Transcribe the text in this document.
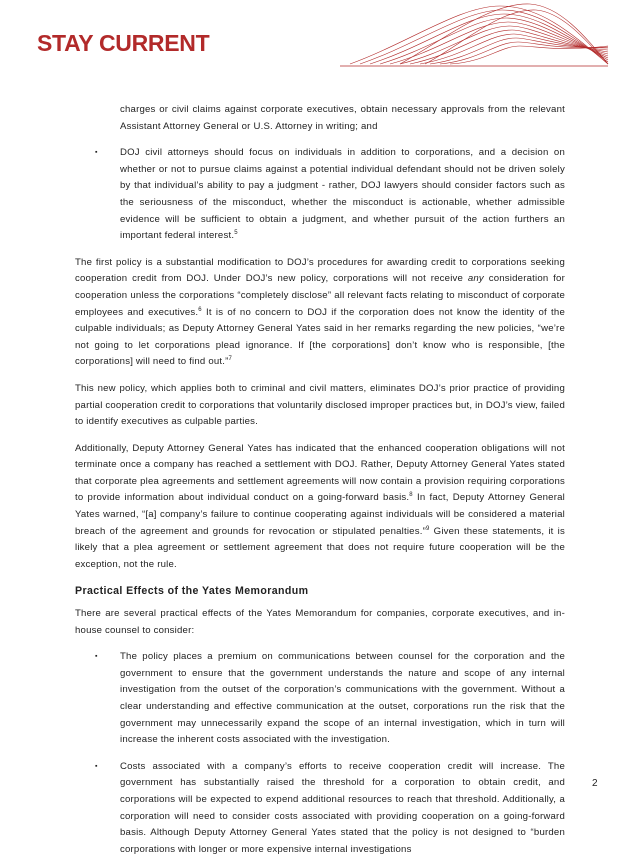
STAY CURRENT

charges or civil claims against corporate executives, obtain necessary approvals from the relevant Assistant Attorney General or U.S. Attorney in writing; and

▪ DOJ civil attorneys should focus on individuals in addition to corporations, and a decision on whether or not to pursue claims against a potential individual defendant should not be driven solely by that individual’s ability to pay a judgment - rather, DOJ lawyers should consider factors such as the seriousness of the misconduct, whether the misconduct is actionable, whether admissible evidence will be sufficient to obtain a judgment, and whether pursuit of the action furthers an important federal interest.$^5$

The first policy is a substantial modification to DOJ’s procedures for awarding credit to corporations seeking cooperation credit from DOJ. Under DOJ’s new policy, corporations will not receive any consideration for cooperation unless the corporations “completely disclose” all relevant facts relating to misconduct of corporate employees and executives.$^6$ It is of no concern to DOJ if the corporation does not know the identity of the culpable individuals; as Deputy Attorney General Yates said in her remarks regarding the new policies, “we’re not going to let corporations plead ignorance. If [the corporations] don’t know who is responsible, [the corporations] will need to find out.”$^7$

This new policy, which applies both to criminal and civil matters, eliminates DOJ’s prior practice of providing partial cooperation credit to corporations that voluntarily disclosed improper practices but, in DOJ’s view, failed to identify executives as culpable parties.

Additionally, Deputy Attorney General Yates has indicated that the enhanced cooperation obligations will not terminate once a company has reached a settlement with DOJ. Rather, Deputy Attorney General Yates stated that corporate plea agreements and settlement agreements will now contain a provision requiring corporations to provide information about individual conduct on a going-forward basis.$^8$ In fact, Deputy Attorney General Yates warned, “[a] company’s failure to continue cooperating against individuals will be considered a material breach of the agreement and grounds for revocation or stipulated penalties.”$^9$ Given these statements, it is likely that a plea agreement or settlement agreement that does not require future cooperation will be the exception, not the rule.

Practical Effects of the Yates Memorandum

There are several practical effects of the Yates Memorandum for companies, corporate executives, and in-house counsel to consider:

▪ The policy places a premium on communications between counsel for the corporation and the government to ensure that the government understands the nature and scope of any internal investigation from the outset of the corporation’s communications with the government. Without a clear understanding and effective communication at the outset, corporations run the risk that the government may unnecessarily expand the scope of an internal investigation, which in turn will increase the inherent costs associated with the investigation.
▪ Costs associated with a company’s efforts to receive cooperation credit will increase. The government has substantially raised the threshold for a corporation to obtain credit, and corporations will be expected to expend additional resources to reach that threshold. Additionally, a corporation will need to consider costs associated with providing cooperation on a going-forward basis. Although Deputy Attorney General Yates stated that the policy is not designed to “burden corporations with longer or more expensive internal investigations
2
